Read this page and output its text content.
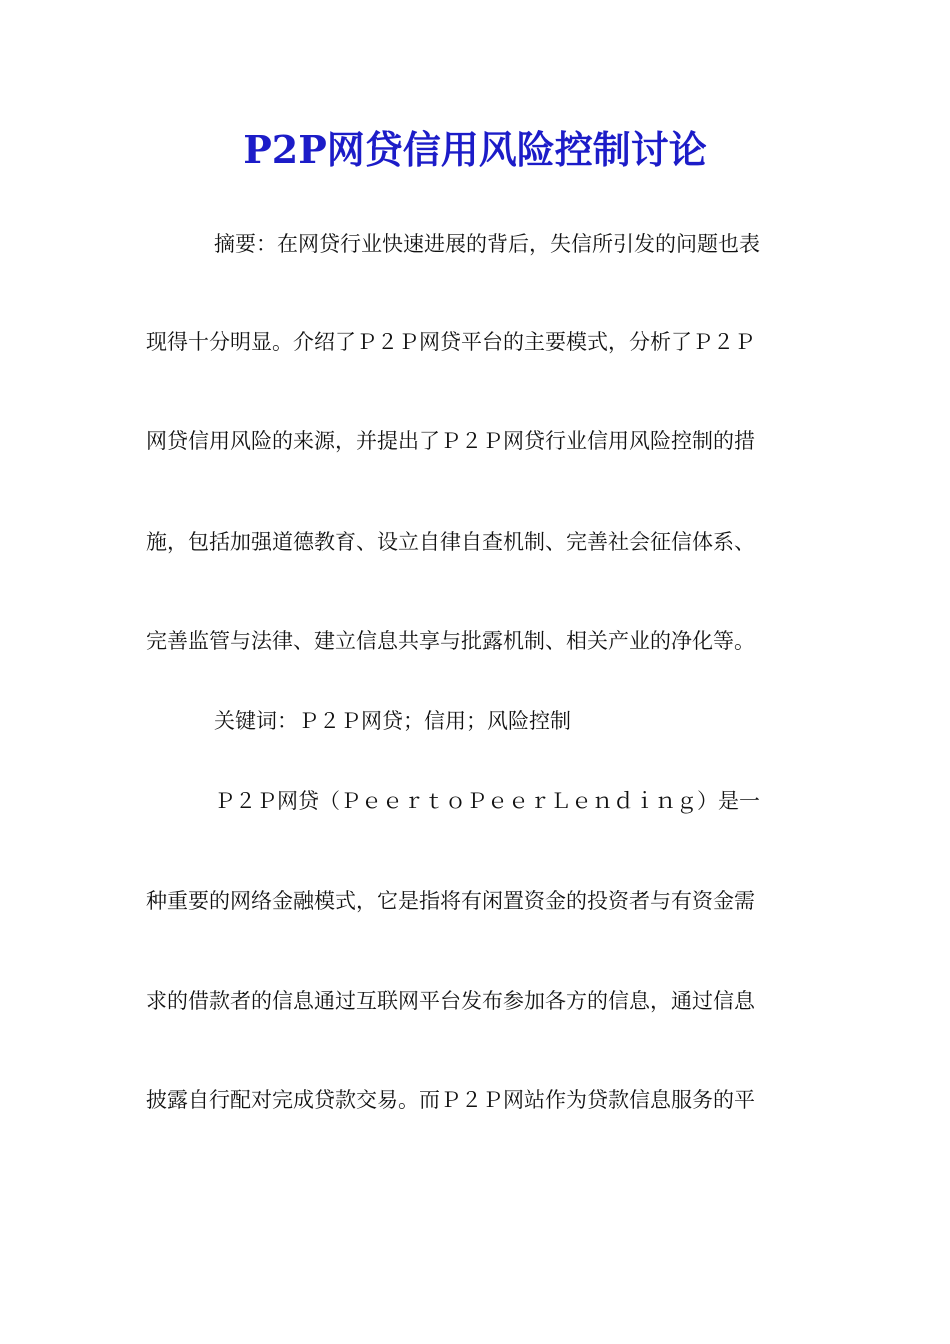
P2P网贷信用风险控制讨论
摘要：在网贷行业快速进展的背后，失信所引发的问题也表
现得十分明显。介绍了Ｐ２Ｐ网贷平台的主要模式，分析了Ｐ２Ｐ
网贷信用风险的来源，并提出了Ｐ２Ｐ网贷行业信用风险控制的措
施，包括加强道德教育、设立自律自查机制、完善社会征信体系、
完善监管与法律、建立信息共享与批露机制、相关产业的净化等。
关键词：Ｐ２Ｐ网贷；信用；风险控制
Ｐ２Ｐ网贷（ＰｅｅｒｔｏＰｅｅｒＬｅｎｄｉｎｇ）是一
种重要的网络金融模式，它是指将有闲置资金的投资者与有资金需
求的借款者的信息通过互联网平台发布参加各方的信息，通过信息
披露自行配对完成贷款交易。而Ｐ２Ｐ网站作为贷款信息服务的平
